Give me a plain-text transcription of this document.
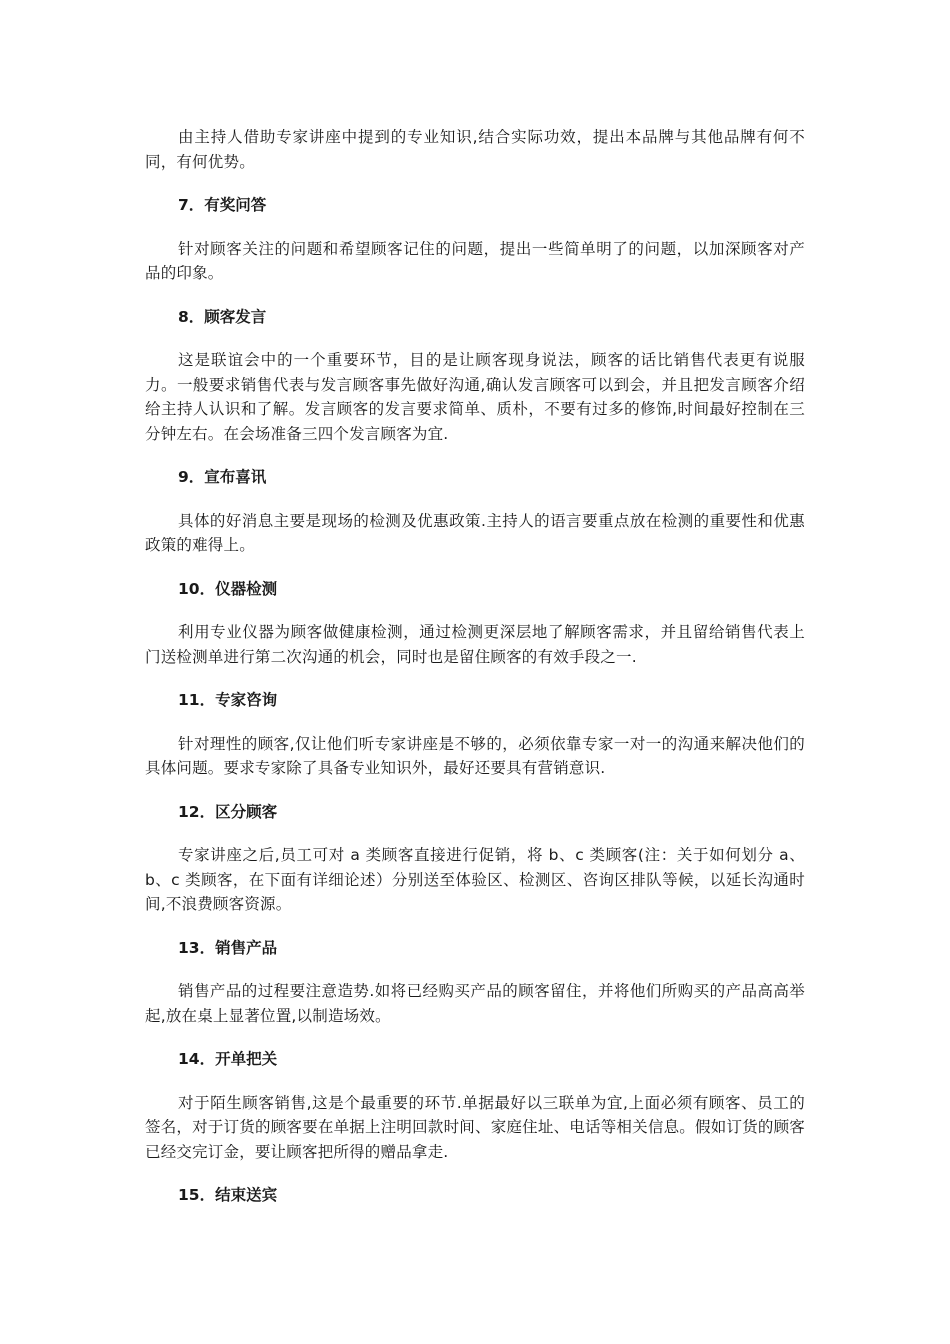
由主持人借助专家讲座中提到的专业知识,结合实际功效，提出本品牌与其他品牌有何不同，有何优势。

7．有奖问答

针对顾客关注的问题和希望顾客记住的问题，提出一些简单明了的问题，以加深顾客对产品的印象。

8．顾客发言

这是联谊会中的一个重要环节，目的是让顾客现身说法，顾客的话比销售代表更有说服力。一般要求销售代表与发言顾客事先做好沟通,确认发言顾客可以到会，并且把发言顾客介绍给主持人认识和了解。发言顾客的发言要求简单、质朴，不要有过多的修饰,时间最好控制在三分钟左右。在会场准备三四个发言顾客为宜.

9．宣布喜讯

具体的好消息主要是现场的检测及优惠政策.主持人的语言要重点放在检测的重要性和优惠政策的难得上。

10．仪器检测

利用专业仪器为顾客做健康检测，通过检测更深层地了解顾客需求，并且留给销售代表上门送检测单进行第二次沟通的机会，同时也是留住顾客的有效手段之一.

11．专家咨询

针对理性的顾客,仅让他们听专家讲座是不够的，必须依靠专家一对一的沟通来解决他们的具体问题。要求专家除了具备专业知识外，最好还要具有营销意识.

12．区分顾客

专家讲座之后,员工可对 a 类顾客直接进行促销，将 b、c 类顾客(注：关于如何划分 a、b、c 类顾客，在下面有详细论述）分别送至体验区、检测区、咨询区排队等候，以延长沟通时间,不浪费顾客资源。

13．销售产品

销售产品的过程要注意造势.如将已经购买产品的顾客留住，并将他们所购买的产品高高举起,放在桌上显著位置,以制造场效。

14．开单把关

对于陌生顾客销售,这是个最重要的环节.单据最好以三联单为宜,上面必须有顾客、员工的签名，对于订货的顾客要在单据上注明回款时间、家庭住址、电话等相关信息。假如订货的顾客已经交完订金，要让顾客把所得的赠品拿走.

15．结束送宾
